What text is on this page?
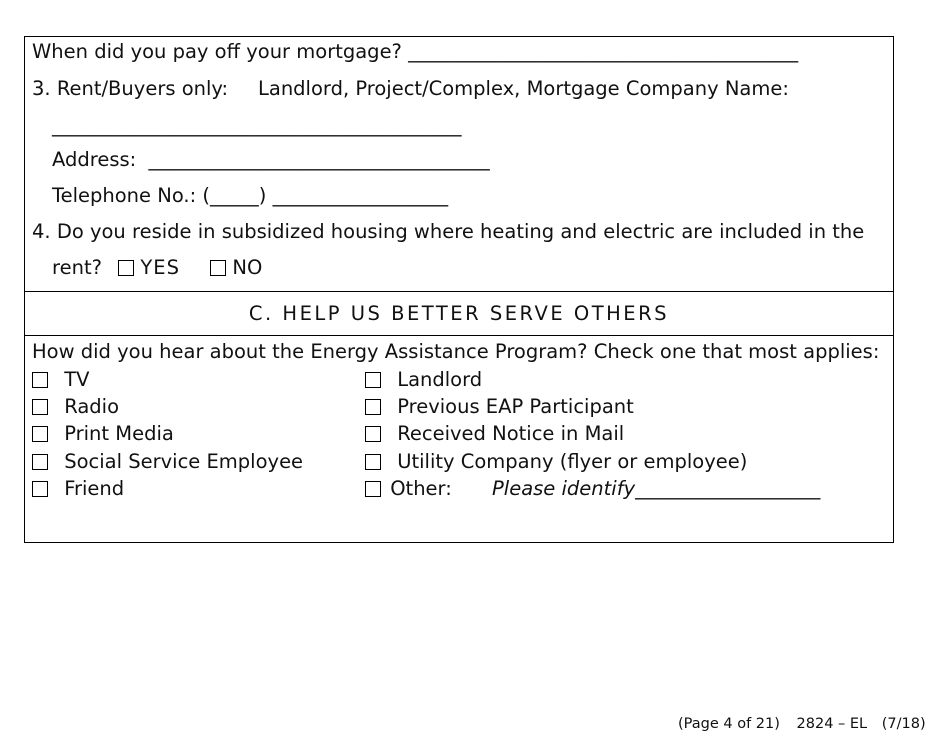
When did you pay off your mortgage? ________________________________________
3. Rent/Buyers only: Landlord, Project/Complex, Mortgage Company Name:
__________________________________________
Address: ___________________________________
Telephone No.: (_____) __________________
4. Do you reside in subsidized housing where heating and electric are included in the
rent? YES	NO
C. HELP US BETTER SERVE OTHERS
How did you hear about the Energy Assistance Program? Check one that most applies:
TV
Radio
Print Media
Social Service Employee
Friend
Landlord
Previous EAP Participant
Received Notice in Mail
Utility Company (flyer or employee)
Other: Please identify___________________
(Page 4 of 21) 2824 – EL (7/18)
